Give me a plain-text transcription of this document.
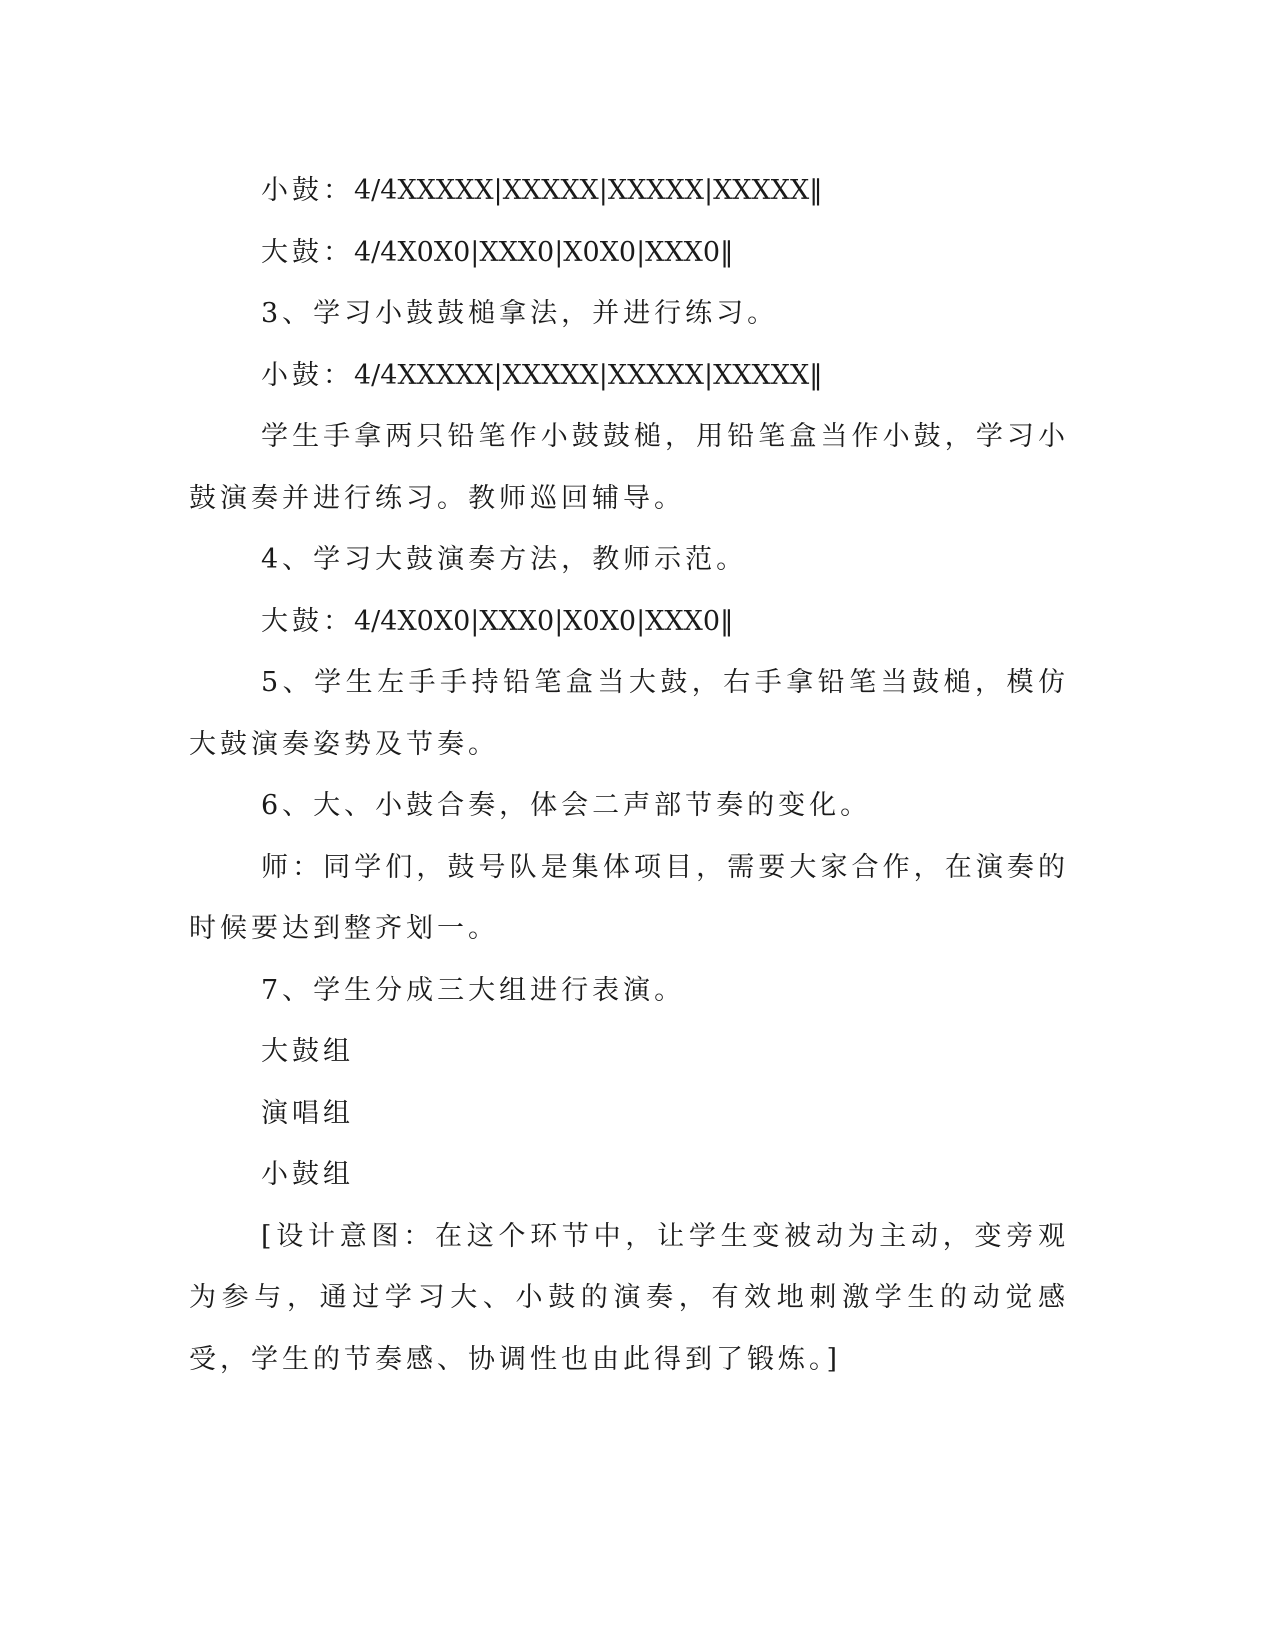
小鼓：4/4XXXXX|XXXXX|XXXXX|XXXXX‖

大鼓：4/4X0X0|XXX0|X0X0|XXX0‖

3、学习小鼓鼓槌拿法，并进行练习。

小鼓：4/4XXXXX|XXXXX|XXXXX|XXXXX‖

学生手拿两只铅笔作小鼓鼓槌，用铅笔盒当作小鼓，学习小鼓演奏并进行练习。教师巡回辅导。

4、学习大鼓演奏方法，教师示范。

大鼓：4/4X0X0|XXX0|X0X0|XXX0‖

5、学生左手手持铅笔盒当大鼓，右手拿铅笔当鼓槌，模仿大鼓演奏姿势及节奏。

6、大、小鼓合奏，体会二声部节奏的变化。

师：同学们，鼓号队是集体项目，需要大家合作，在演奏的时候要达到整齐划一。

7、学生分成三大组进行表演。

大鼓组

演唱组

小鼓组

[设计意图：在这个环节中，让学生变被动为主动，变旁观为参与，通过学习大、小鼓的演奏，有效地刺激学生的动觉感受，学生的节奏感、协调性也由此得到了锻炼。]
